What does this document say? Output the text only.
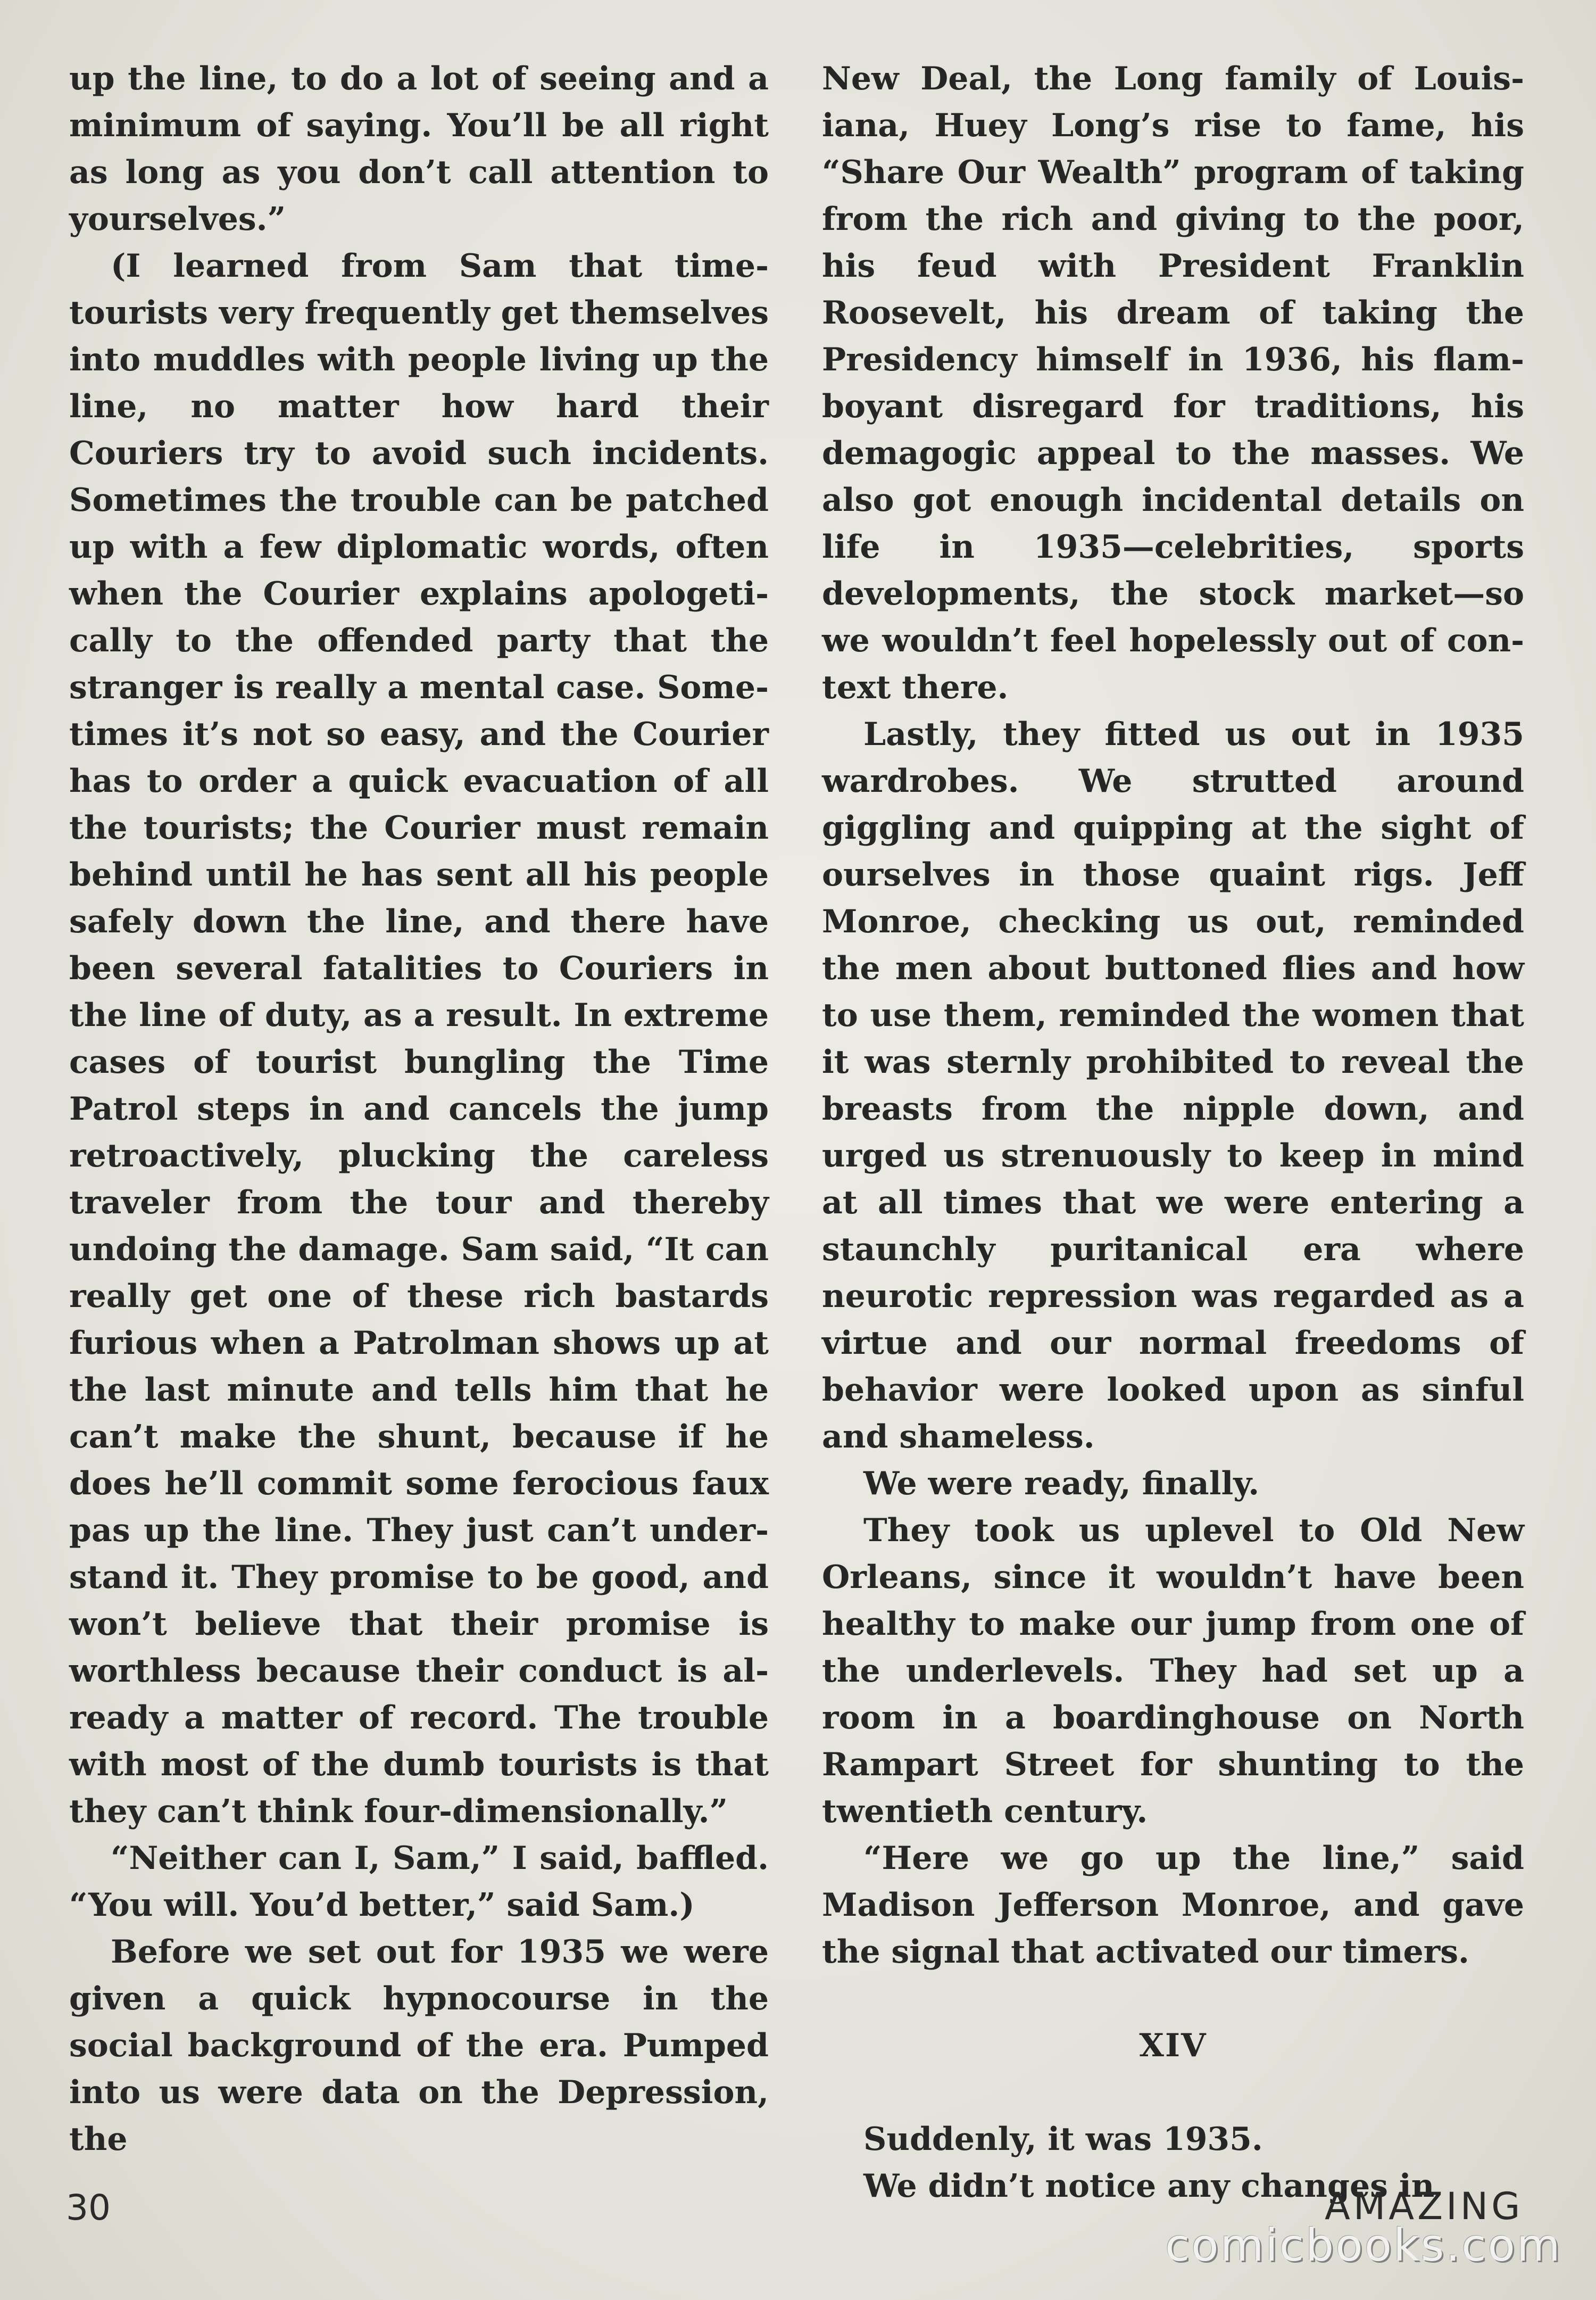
up the line, to do a lot of seeing and a minimum of saying. You’ll be all right as long as you don’t call attention to yourselves.”

(I learned from Sam that time-tourists very frequently get themselves into muddles with people living up the line, no matter how hard their Couriers try to avoid such incidents. Sometimes the trouble can be patched up with a few diplomatic words, often when the Courier explains apologetically to the offended party that the stranger is really a mental case. Sometimes it’s not so easy, and the Courier has to order a quick evacuation of all the tourists; the Courier must remain behind until he has sent all his people safely down the line, and there have been several fatalities to Couriers in the line of duty, as a result. In extreme cases of tourist bungling the Time Patrol steps in and cancels the jump retroactively, plucking the careless traveler from the tour and thereby undoing the damage. Sam said, “It can really get one of these rich bastards furious when a Patrolman shows up at the last minute and tells him that he can’t make the shunt, because if he does he’ll commit some ferocious faux pas up the line. They just can’t understand it. They promise to be good, and won’t believe that their promise is worthless because their conduct is already a matter of record. The trouble with most of the dumb tourists is that they can’t think four-dimensionally.”

“Neither can I, Sam,” I said, baffled. “You will. You’d better,” said Sam.)

Before we set out for 1935 we were given a quick hypnocourse in the social background of the era. Pumped into us were data on the Depression, the

New Deal, the Long family of Louisiana, Huey Long’s rise to fame, his “Share Our Wealth” program of taking from the rich and giving to the poor, his feud with President Franklin Roosevelt, his dream of taking the Presidency himself in 1936, his flamboyant disregard for traditions, his demagogic appeal to the masses. We also got enough incidental details on life in 1935—celebrities, sports developments, the stock market—so we wouldn’t feel hopelessly out of context there.

Lastly, they fitted us out in 1935 wardrobes. We strutted around giggling and quipping at the sight of ourselves in those quaint rigs. Jeff Monroe, checking us out, reminded the men about buttoned flies and how to use them, reminded the women that it was sternly prohibited to reveal the breasts from the nipple down, and urged us strenuously to keep in mind at all times that we were entering a staunchly puritanical era where neurotic repression was regarded as a virtue and our normal freedoms of behavior were looked upon as sinful and shameless.

We were ready, finally.

They took us uplevel to Old New Orleans, since it wouldn’t have been healthy to make our jump from one of the underlevels. They had set up a room in a boardinghouse on North Rampart Street for shunting to the twentieth century.

“Here we go up the line,” said Madison Jefferson Monroe, and gave the signal that activated our timers.

XIV

Suddenly, it was 1935.

We didn’t notice any changes in

30	AMAZING
comicbooks.com
